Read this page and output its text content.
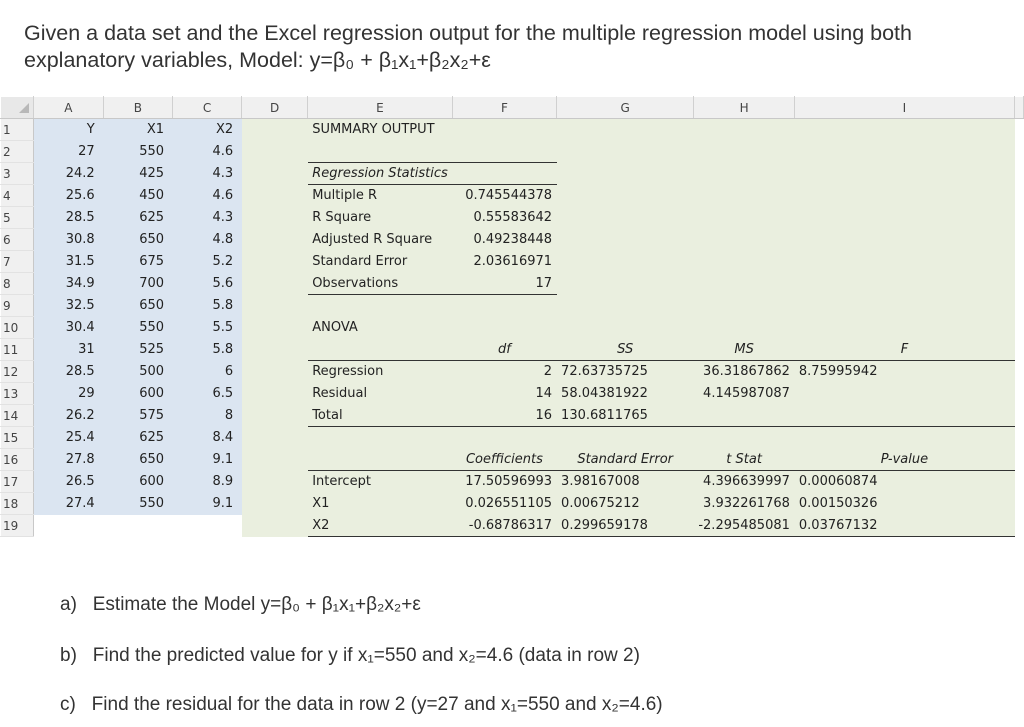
Given a data set and the Excel regression output for the multiple regression model using both explanatory variables, Model: y=β₀ + β₁x₁+β₂x₂+ε
	A	B	C	D	E	F	G	H	I	
1	Y	X1	X2		SUMMARY OUTPUT					
2	27	550	4.6							
3	24.2	425	4.3		Regression Statistics					
4	25.6	450	4.6		Multiple R	0.745544378				
5	28.5	625	4.3		R Square	0.55583642				
6	30.8	650	4.8		Adjusted R Square	0.49238448				
7	31.5	675	5.2		Standard Error	2.03616971				
8	34.9	700	5.6		Observations	17				
9	32.5	650	5.8							
10	30.4	550	5.5		ANOVA					
11	31	525	5.8			df	SS	MS	F	
12	28.5	500	6		Regression	2	72.63735725	36.31867862	8.75995942	
13	29	600	6.5		Residual	14	58.04381922	4.145987087		
14	26.2	575	8		Total	16	130.6811765			
15	25.4	625	8.4							
16	27.8	650	9.1			Coefficients	Standard Error	t Stat	P-value	
17	26.5	600	8.9		Intercept	17.50596993	3.98167008	4.396639997	0.00060874	
18	27.4	550	9.1		X1	0.026551105	0.00675212	3.932261768	0.00150326	
19					X2	-0.68786317	0.299659178	-2.295485081	0.03767132	
a) Estimate the Model y=β₀ + β₁x₁+β₂x₂+ε
b) Find the predicted value for y if x₁=550 and x₂=4.6 (data in row 2)
c) Find the residual for the data in row 2 (y=27 and x₁=550 and x₂=4.6)
